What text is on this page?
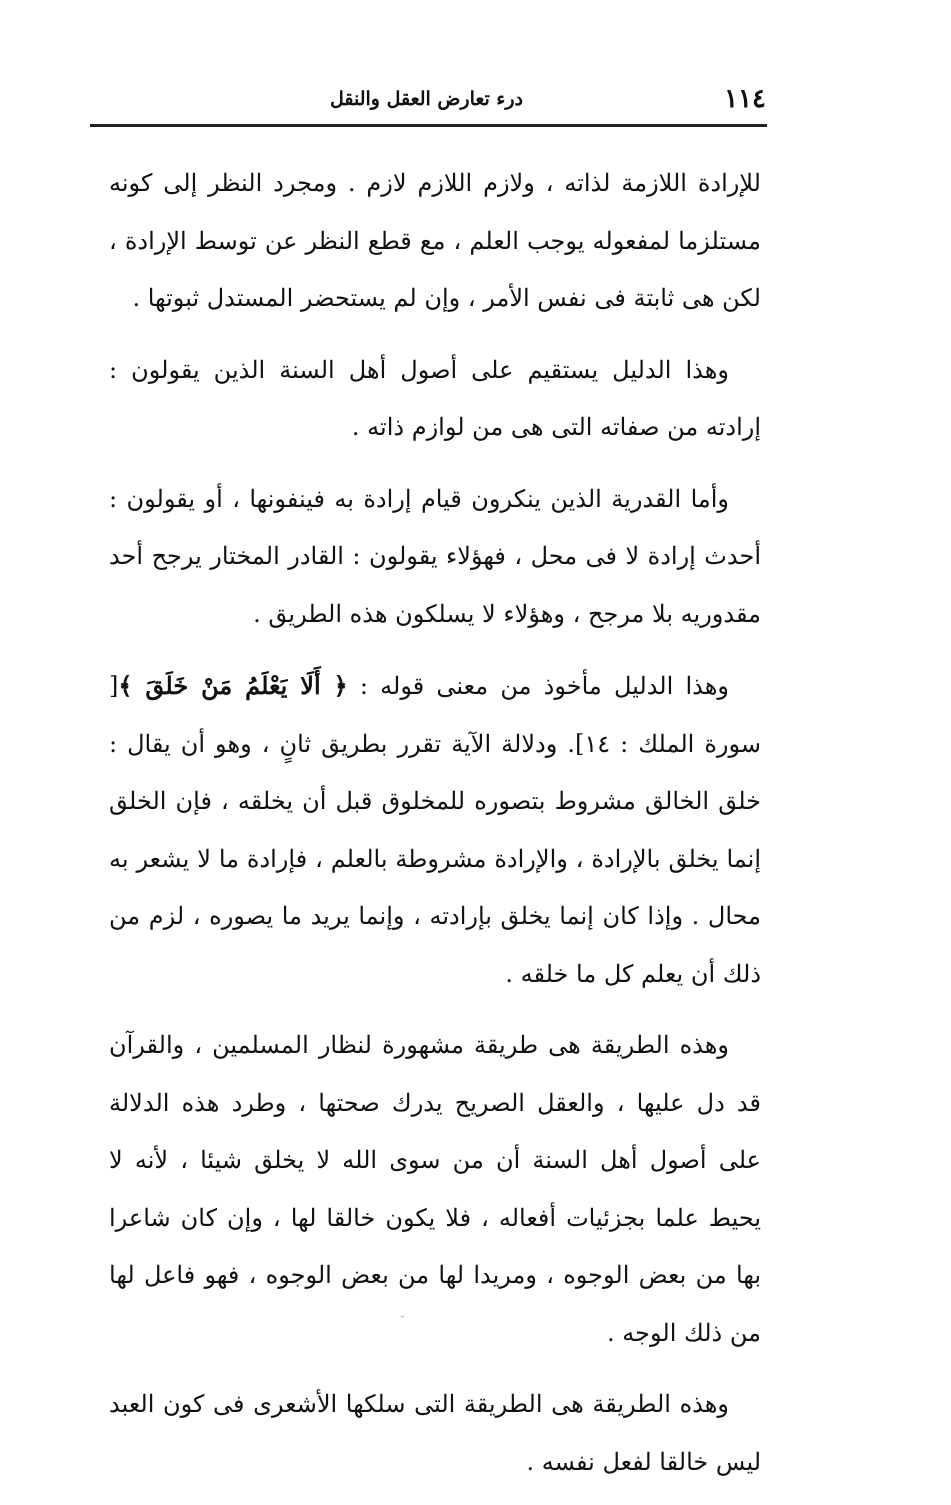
١١٤
درء تعارض العقل والنقل

للإرادة اللازمة لذاته ، ولازم اللازم لازم . ومجرد النظر إلى كونه مستلزما لمفعوله يوجب العلم ، مع قطع النظر عن توسط الإرادة ، لكن هى ثابتة فى نفس الأمر ، وإن لم يستحضر المستدل ثبوتها .

وهذا الدليل يستقيم على أصول أهل السنة الذين يقولون : إرادته من صفاته التى هى من لوازم ذاته .

وأما القدرية الذين ينكرون قيام إرادة به فينفونها ، أو يقولون : أحدث إرادة لا فى محل ، فهؤلاء يقولون : القادر المختار يرجح أحد مقدوريه بلا مرجح ، وهؤلاء لا يسلكون هذه الطريق .

وهذا الدليل مأخوذ من معنى قوله : ﴿ أَلَا يَعْلَمُ مَنْ خَلَقَ ﴾[ سورة الملك : ١٤]. ودلالة الآية تقرر بطريق ثانٍ ، وهو أن يقال : خلق الخالق مشروط بتصوره للمخلوق قبل أن يخلقه ، فإن الخلق إنما يخلق بالإرادة ، والإرادة مشروطة بالعلم ، فإرادة ما لا يشعر به محال . وإذا كان إنما يخلق بإرادته ، وإنما يريد ما يصوره ، لزم من ذلك أن يعلم كل ما خلقه .

وهذه الطريقة هى طريقة مشهورة لنظار المسلمين ، والقرآن قد دل عليها ، والعقل الصريح يدرك صحتها ، وطرد هذه الدلالة على أصول أهل السنة أن من سوى الله لا يخلق شيئا ، لأنه لا يحيط علما بجزئيات أفعاله ، فلا يكون خالقا لها ، وإن كان شاعرا بها من بعض الوجوه ، ومريدا لها من بعض الوجوه ، فهو فاعل لها من ذلك الوجه .

وهذه الطريقة هى الطريقة التى سلكها الأشعرى فى كون العبد ليس خالقا لفعل نفسه .

ˇ
